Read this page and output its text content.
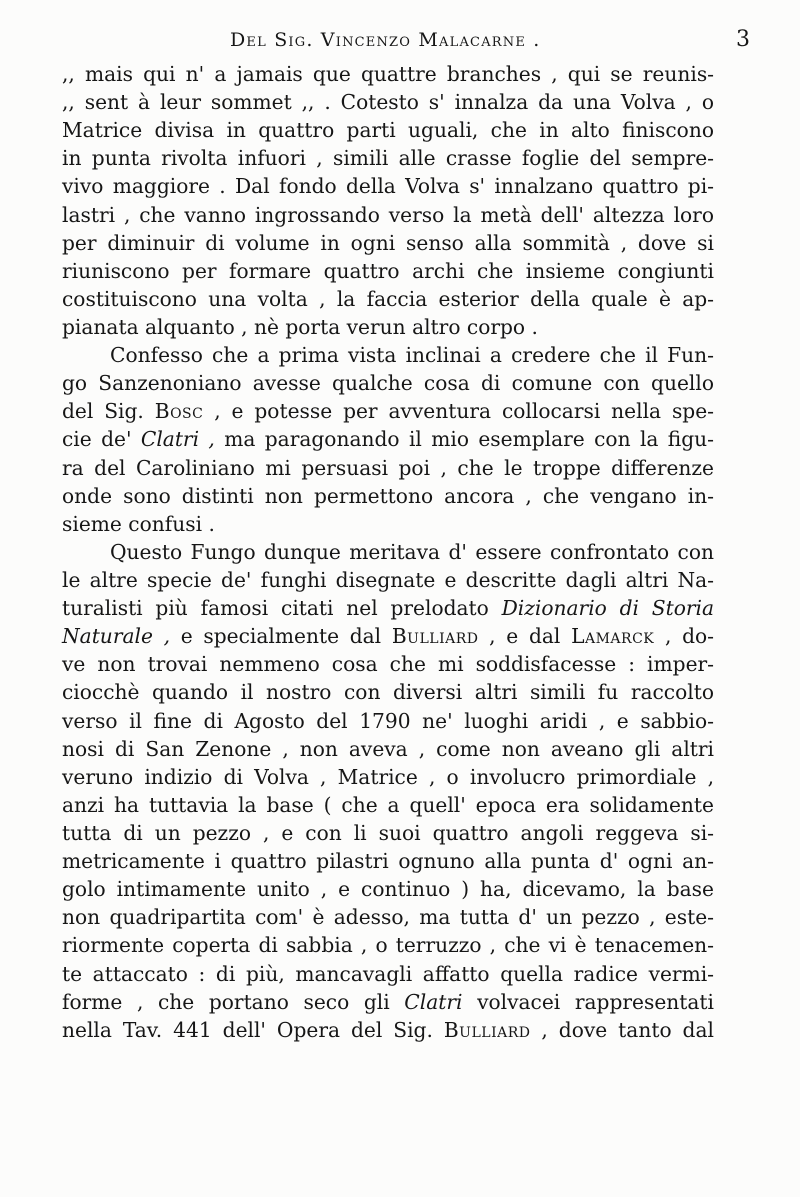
Del Sig. Vincenzo Malacarne .	3
,, mais qui n' a jamais que quattre branches , qui se reunis-
,, sent à leur sommet ,, . Cotesto s' innalza da una Volva , o
Matrice divisa in quattro parti uguali, che in alto finiscono
in punta rivolta infuori , simili alle crasse foglie del sempre-
vivo maggiore . Dal fondo della Volva s' innalzano quattro pi-
lastri , che vanno ingrossando verso la metà dell' altezza loro
per diminuir di volume in ogni senso alla sommità , dove si
riuniscono per formare quattro archi che insieme congiunti
costituiscono una volta , la faccia esterior della quale è ap-
pianata alquanto , nè porta verun altro corpo .
Confesso che a prima vista inclinai a credere che il Fun-
go Sanzenoniano avesse qualche cosa di comune con quello
del Sig. Bosc , e potesse per avventura collocarsi nella spe-
cie de' Clatri , ma paragonando il mio esemplare con la figu-
ra del Caroliniano mi persuasi poi , che le troppe differenze
onde sono distinti non permettono ancora , che vengano in-
sieme confusi .
Questo Fungo dunque meritava d' essere confrontato con
le altre specie de' funghi disegnate e descritte dagli altri Na-
turalisti più famosi citati nel prelodato Dizionario di Storia
Naturale , e specialmente dal Bulliard , e dal Lamarck , do-
ve non trovai nemmeno cosa che mi soddisfacesse : imper-
ciocchè quando il nostro con diversi altri simili fu raccolto
verso il fine di Agosto del 1790 ne' luoghi aridi , e sabbio-
nosi di San Zenone , non aveva , come non aveano gli altri
veruno indizio di Volva , Matrice , o involucro primordiale ,
anzi ha tuttavia la base ( che a quell' epoca era solidamente
tutta di un pezzo , e con li suoi quattro angoli reggeva si-
metricamente i quattro pilastri ognuno alla punta d' ogni an-
golo intimamente unito , e continuo ) ha, dicevamo, la base
non quadripartita com' è adesso, ma tutta d' un pezzo , este-
riormente coperta di sabbia , o terruzzo , che vi è tenacemen-
te attaccato : di più, mancavagli affatto quella radice vermi-
forme , che portano seco gli Clatri volvacei rappresentati
nella Tav. 441 dell' Opera del Sig. Bulliard , dove tanto dal
